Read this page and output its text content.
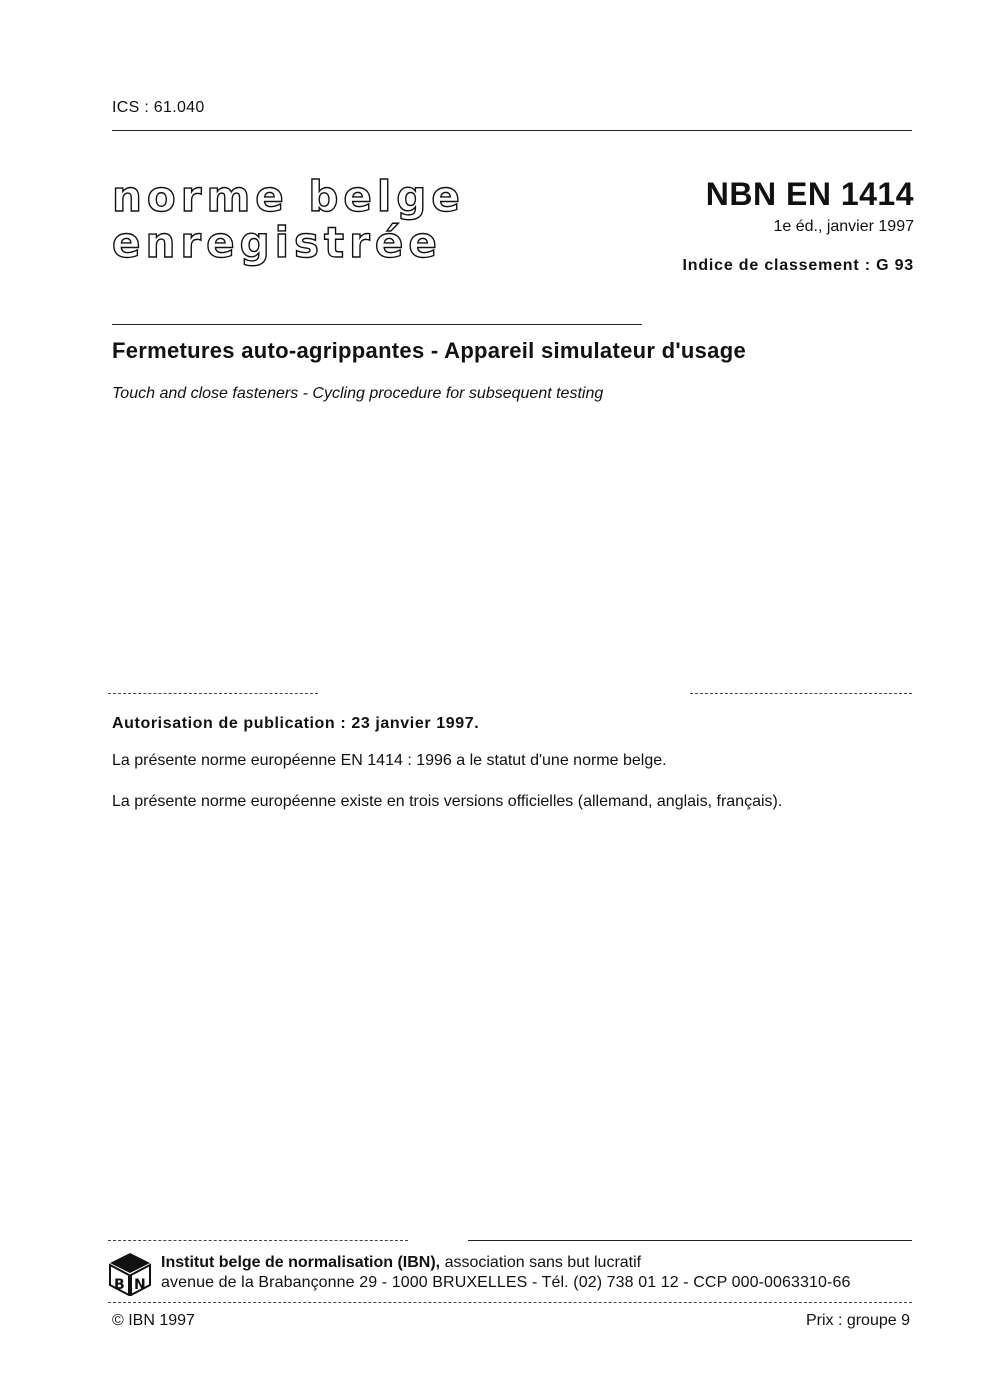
ICS : 61.040
norme belge
enregistrée
NBN EN 1414
1e éd., janvier 1997
Indice de classement : G 93
Fermetures auto-agrippantes - Appareil simulateur d'usage
Touch and close fasteners - Cycling procedure for subsequent testing
Autorisation de publication : 23 janvier 1997.
La présente norme européenne EN 1414 : 1996 a le statut d'une norme belge.
La présente norme européenne existe en trois versions officielles (allemand, anglais, français).
B N
Institut belge de normalisation (IBN), association sans but lucratif
avenue de la Brabançonne 29 - 1000 BRUXELLES - Tél. (02) 738 01 12 - CCP 000-0063310-66
© IBN 1997	Prix : groupe 9
